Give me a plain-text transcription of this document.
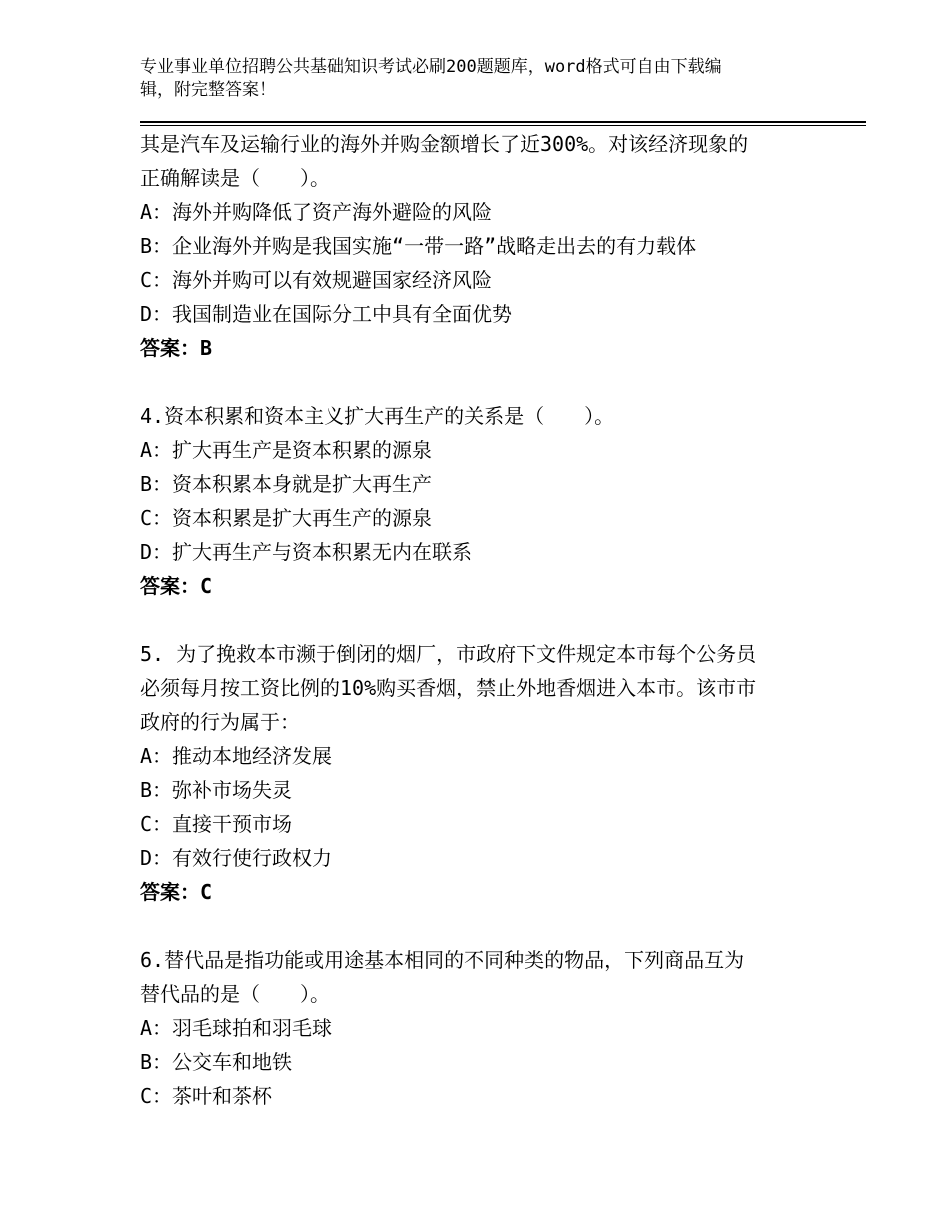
专业事业单位招聘公共基础知识考试必刷200题题库，word格式可自由下载编
辑，附完整答案！
其是汽车及运输行业的海外并购金额增长了近300%。对该经济现象的
正确解读是（　　）。
A：海外并购降低了资产海外避险的风险
B：企业海外并购是我国实施“一带一路”战略走出去的有力载体
C：海外并购可以有效规避国家经济风险
D：我国制造业在国际分工中具有全面优势
答案：B
4.资本积累和资本主义扩大再生产的关系是（　　）。
A：扩大再生产是资本积累的源泉
B：资本积累本身就是扩大再生产
C：资本积累是扩大再生产的源泉
D：扩大再生产与资本积累无内在联系
答案：C
5. 为了挽救本市濒于倒闭的烟厂，市政府下文件规定本市每个公务员
必须每月按工资比例的10%购买香烟，禁止外地香烟进入本市。该市市
政府的行为属于：
A：推动本地经济发展
B：弥补市场失灵
C：直接干预市场
D：有效行使行政权力
答案：C
6.替代品是指功能或用途基本相同的不同种类的物品，下列商品互为
替代品的是（　　）。
A：羽毛球拍和羽毛球
B：公交车和地铁
C：茶叶和茶杯
